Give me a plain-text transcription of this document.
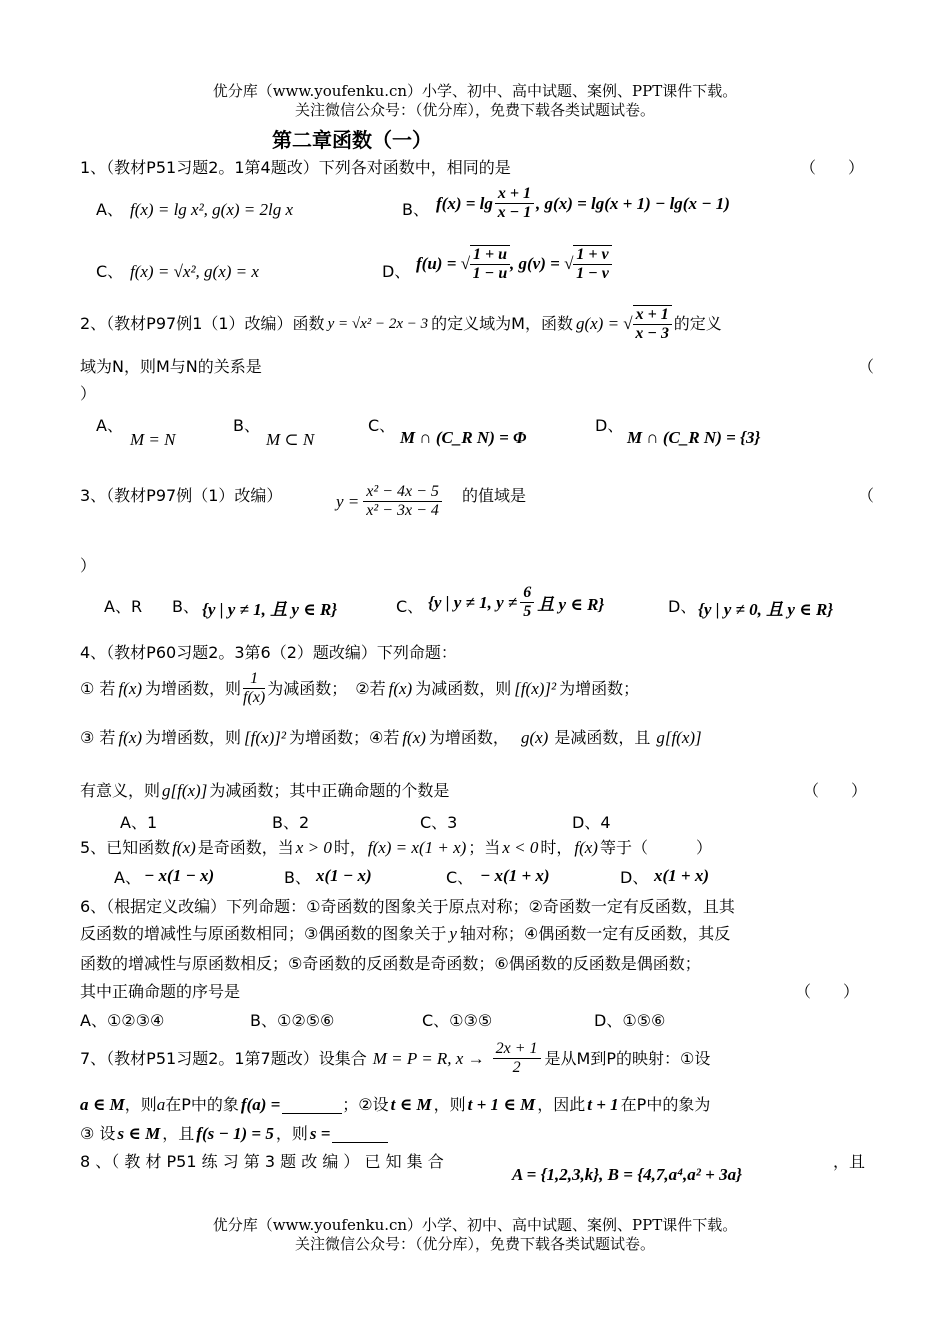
优分库（www.youfenku.cn）小学、初中、高中试题、案例、PPT课件下载。
关注微信公众号：（优分库），免费下载各类试题试卷。
第二章函数（一）
1、（教材P51习题2。1第4题改）下列各对函数中，相同的是	（　　）
A、 f(x) = lg x², g(x) = 2lg x	B、 $f(x) = \lg \frac{x + 1}{x - 1}$ , g(x) = lg(x + 1) − lg(x − 1)
C、 f(x) = √x², g(x) = x	D、 f(u) = √ $\frac{1 + u}{1 - u}$ , g(v) = √ $\frac{1 + v}{1 - v}$
2、（教材P97例1（1）改编）函数 y = √x² − 2x − 3 的定义域为M，函数 g(x) = √ $\frac{x + 1}{x - 3}$ 的定义
域为N，则M与N的关系是	（
）
A、
M = N
B、
M ⊂ N
C、
M ∩ (C_R N) = Φ
D、
M ∩ (C_R N) = {3}
3、（教材P97例（1）改编）	$y = \frac{\text{x² − 4x − 5}}{\text{x² − 3x − 4}}$ 的值域是	（
）
A、R B、 {y | y ≠ 1, 且 y ∈ R}	C、 {y | y ≠ 1, $y \ne \frac{6}{5}$ 且 y ∈ R}	D、 {y | y ≠ 0, 且 y ∈ R}
4、（教材P60习题2。3第6（2）题改编）下列命题：
① 若 f(x) 为增函数，则 $\frac{1}{f(x)}$ 为减函数；　②若 f(x) 为减函数，则 [f(x)]² 为增函数；
③ 若 f(x) 为增函数，则 [f(x)]² 为增函数；④若 f(x) 为增函数， g(x) 是减函数，且 g[f(x)]
有意义，则 g[f(x)] 为减函数；其中正确命题的个数是	（　　）
A、1	B、2	C、3	D、4
5、已知函数 f(x) 是奇函数，当 x > 0 时， f(x) = x(1 + x) ；当 x < 0 时， f(x) 等于（　　　）
A、 − x(1 − x)	B、 x(1 − x)	C、 − x(1 + x)	D、 x(1 + x)
6、（根据定义改编）下列命题：①奇函数的图象关于原点对称；②奇函数一定有反函数，且其
反函数的增减性与原函数相同；③偶函数的图象关于 y 轴对称；④偶函数一定有反函数，其反
函数的增减性与原函数相反；⑤奇函数的反函数是奇函数；⑥偶函数的反函数是偶函数；
其中正确命题的序号是	（　　）
A、①②③④	B、①②⑤⑥	C、①③⑤	D、①⑤⑥
7、（教材P51习题2。1第7题改）设集合 M = P = R, $x \to \frac{2x + 1}{2}$ 是从M到P的映射：①设
a ∈ M ，则 a 在P中的象 f(a) =	；②设 t ∈ M ，则 t + 1 ∈ M ，因此 t + 1 在P中的象为
③ 设 s ∈ M ，且 f(s − 1) = 5 ，则 s =
8 、（ 教 材 P51 练 习 第 3 题 改 编 ） 已 知 集 合
A = {1,2,3,k}, B = {4,7,a⁴,a² + 3a}
，且
优分库（www.youfenku.cn）小学、初中、高中试题、案例、PPT课件下载。
关注微信公众号：（优分库），免费下载各类试题试卷。
